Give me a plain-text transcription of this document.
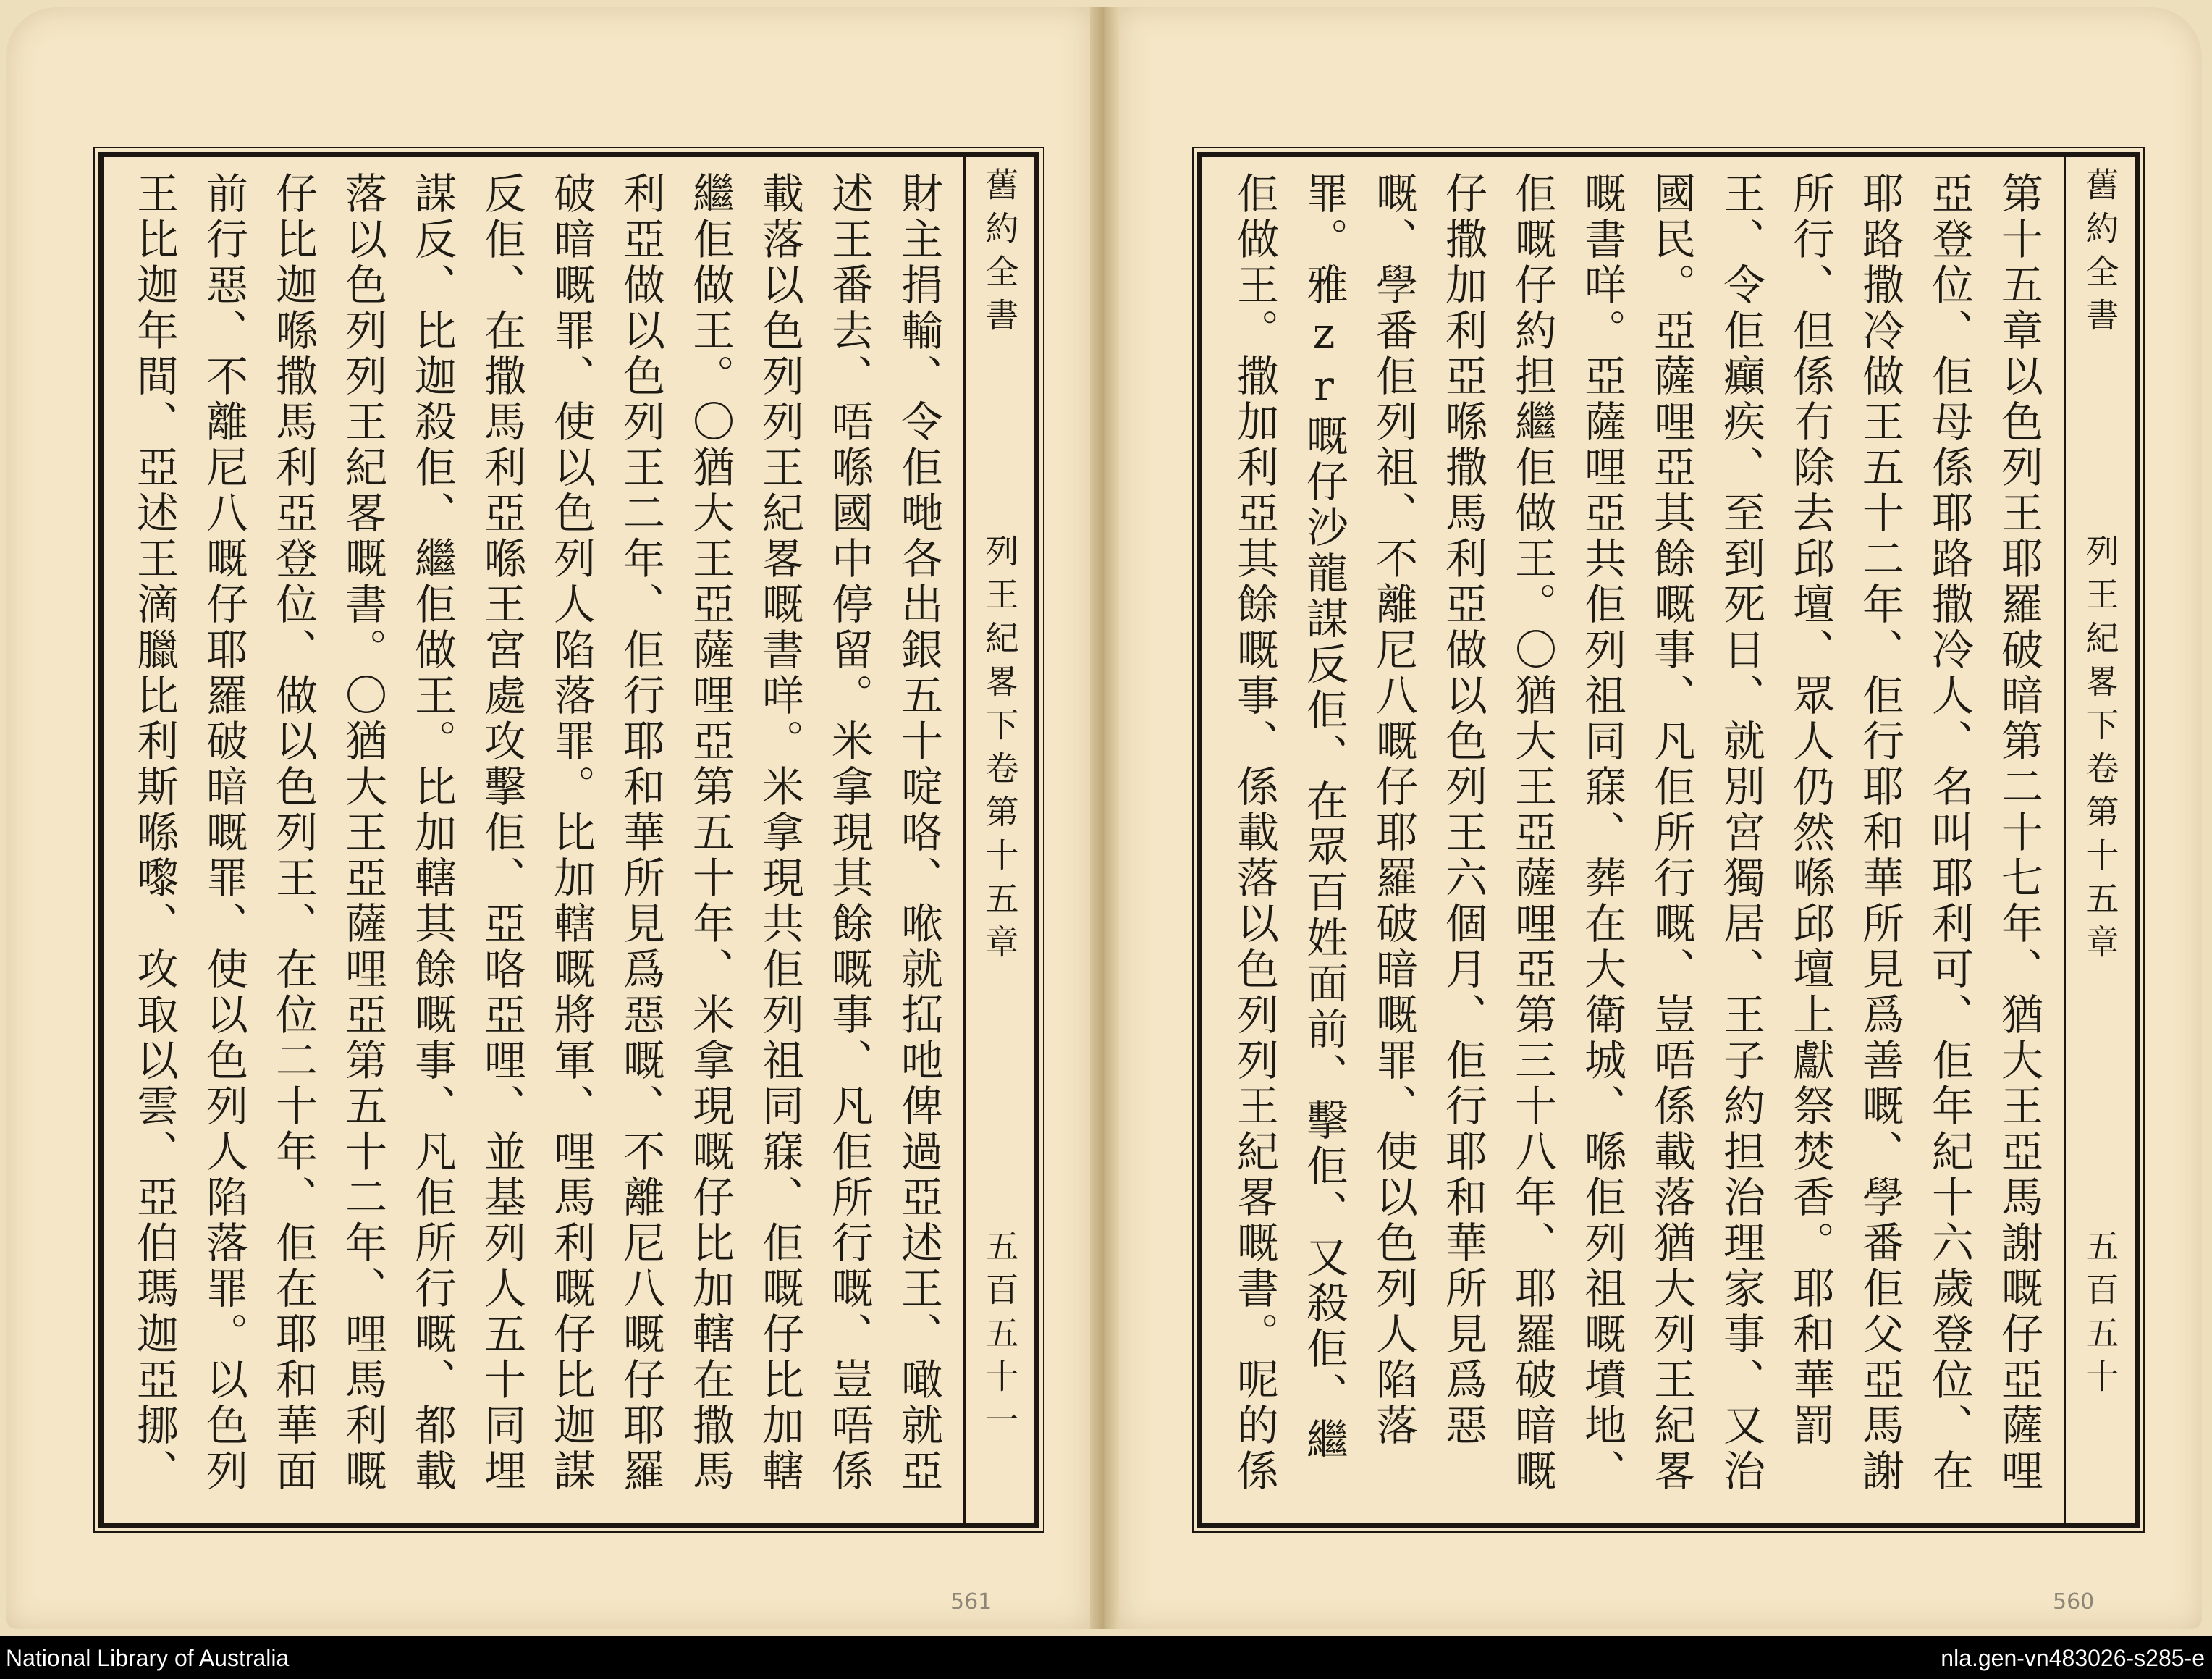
舊約全書
列王紀畧下卷
第十五章
五百五十一
財主捐輸、令佢哋各出銀五十啶咯、𠵱就𢫏吔俾過亞述王、噉就亞述王番去、唔喺國中停留。米拿現其餘嘅事、凡佢所行嘅、豈唔係載落以色列列王紀畧嘅書咩。米拿現共佢列祖同𥧌、佢嘅仔比加轄繼佢做王。〇猶大王亞薩哩亞第五十年、米拿現嘅仔比加轄在撒馬利亞做以色列王二年、佢行耶和華所見爲惡嘅、不離尼八嘅仔耶羅破暗嘅罪、使以色列人陷落罪。比加轄嘅將軍、哩馬利嘅仔比迦謀反佢、在撒馬利亞喺王宮處攻擊佢、亞咯亞哩、並基列人五十同埋謀反、比迦殺佢、繼佢做王。比加轄其餘嘅事、凡佢所行嘅、都載落以色列列王紀畧嘅書。〇猶大王亞薩哩亞第五十二年、哩馬利嘅仔比迦喺撒馬利亞登位、做以色列王、在位二十年、佢在耶和華面前行惡、不離尼八嘅仔耶羅破暗嘅罪、使以色列人陷落罪。以色列王比迦年間、亞述王滴臘比利斯喺嚟、攻取以雲、亞伯瑪迦亞挪、
561
舊約全書
列王紀畧下卷
第十五章
五百五十
第十五章以色列王耶羅破暗第二十七年、猶大王亞馬謝嘅仔亞薩哩亞登位、佢母係耶路撒冷人、名叫耶利可、佢年紀十六歲登位、在耶路撒冷做王五十二年、佢行耶和華所見爲善嘅、學番佢父亞馬謝所行、但係冇除去邱壇、眾人仍然喺邱壇上獻祭焚香。耶和華罰王、令佢癲疾、至到死日、就別宮獨居、王子約担治理家事、又治國民。亞薩哩亞其餘嘅事、凡佢所行嘅、豈唔係載落猶大列王紀畧嘅書咩。亞薩哩亞共佢列祖同𥧌、葬在大衛城、喺佢列祖嘅墳地、佢嘅仔約担繼佢做王。〇猶大王亞薩哩亞第三十八年、耶羅破暗嘅仔撒加利亞喺撒馬利亞做以色列王六個月、佢行耶和華所見爲惡嘅、學番佢列祖、不離尼八嘅仔耶羅破暗嘅罪、使以色列人陷落罪。雅zr嘅仔沙龍謀反佢、在眾百姓面前、擊佢、又殺佢、繼佢做王。撒加利亞其餘嘅事、係載落以色列列王紀畧嘅書。呢的係
560
National Library of Australia	nla.gen-vn483026-s285-e
